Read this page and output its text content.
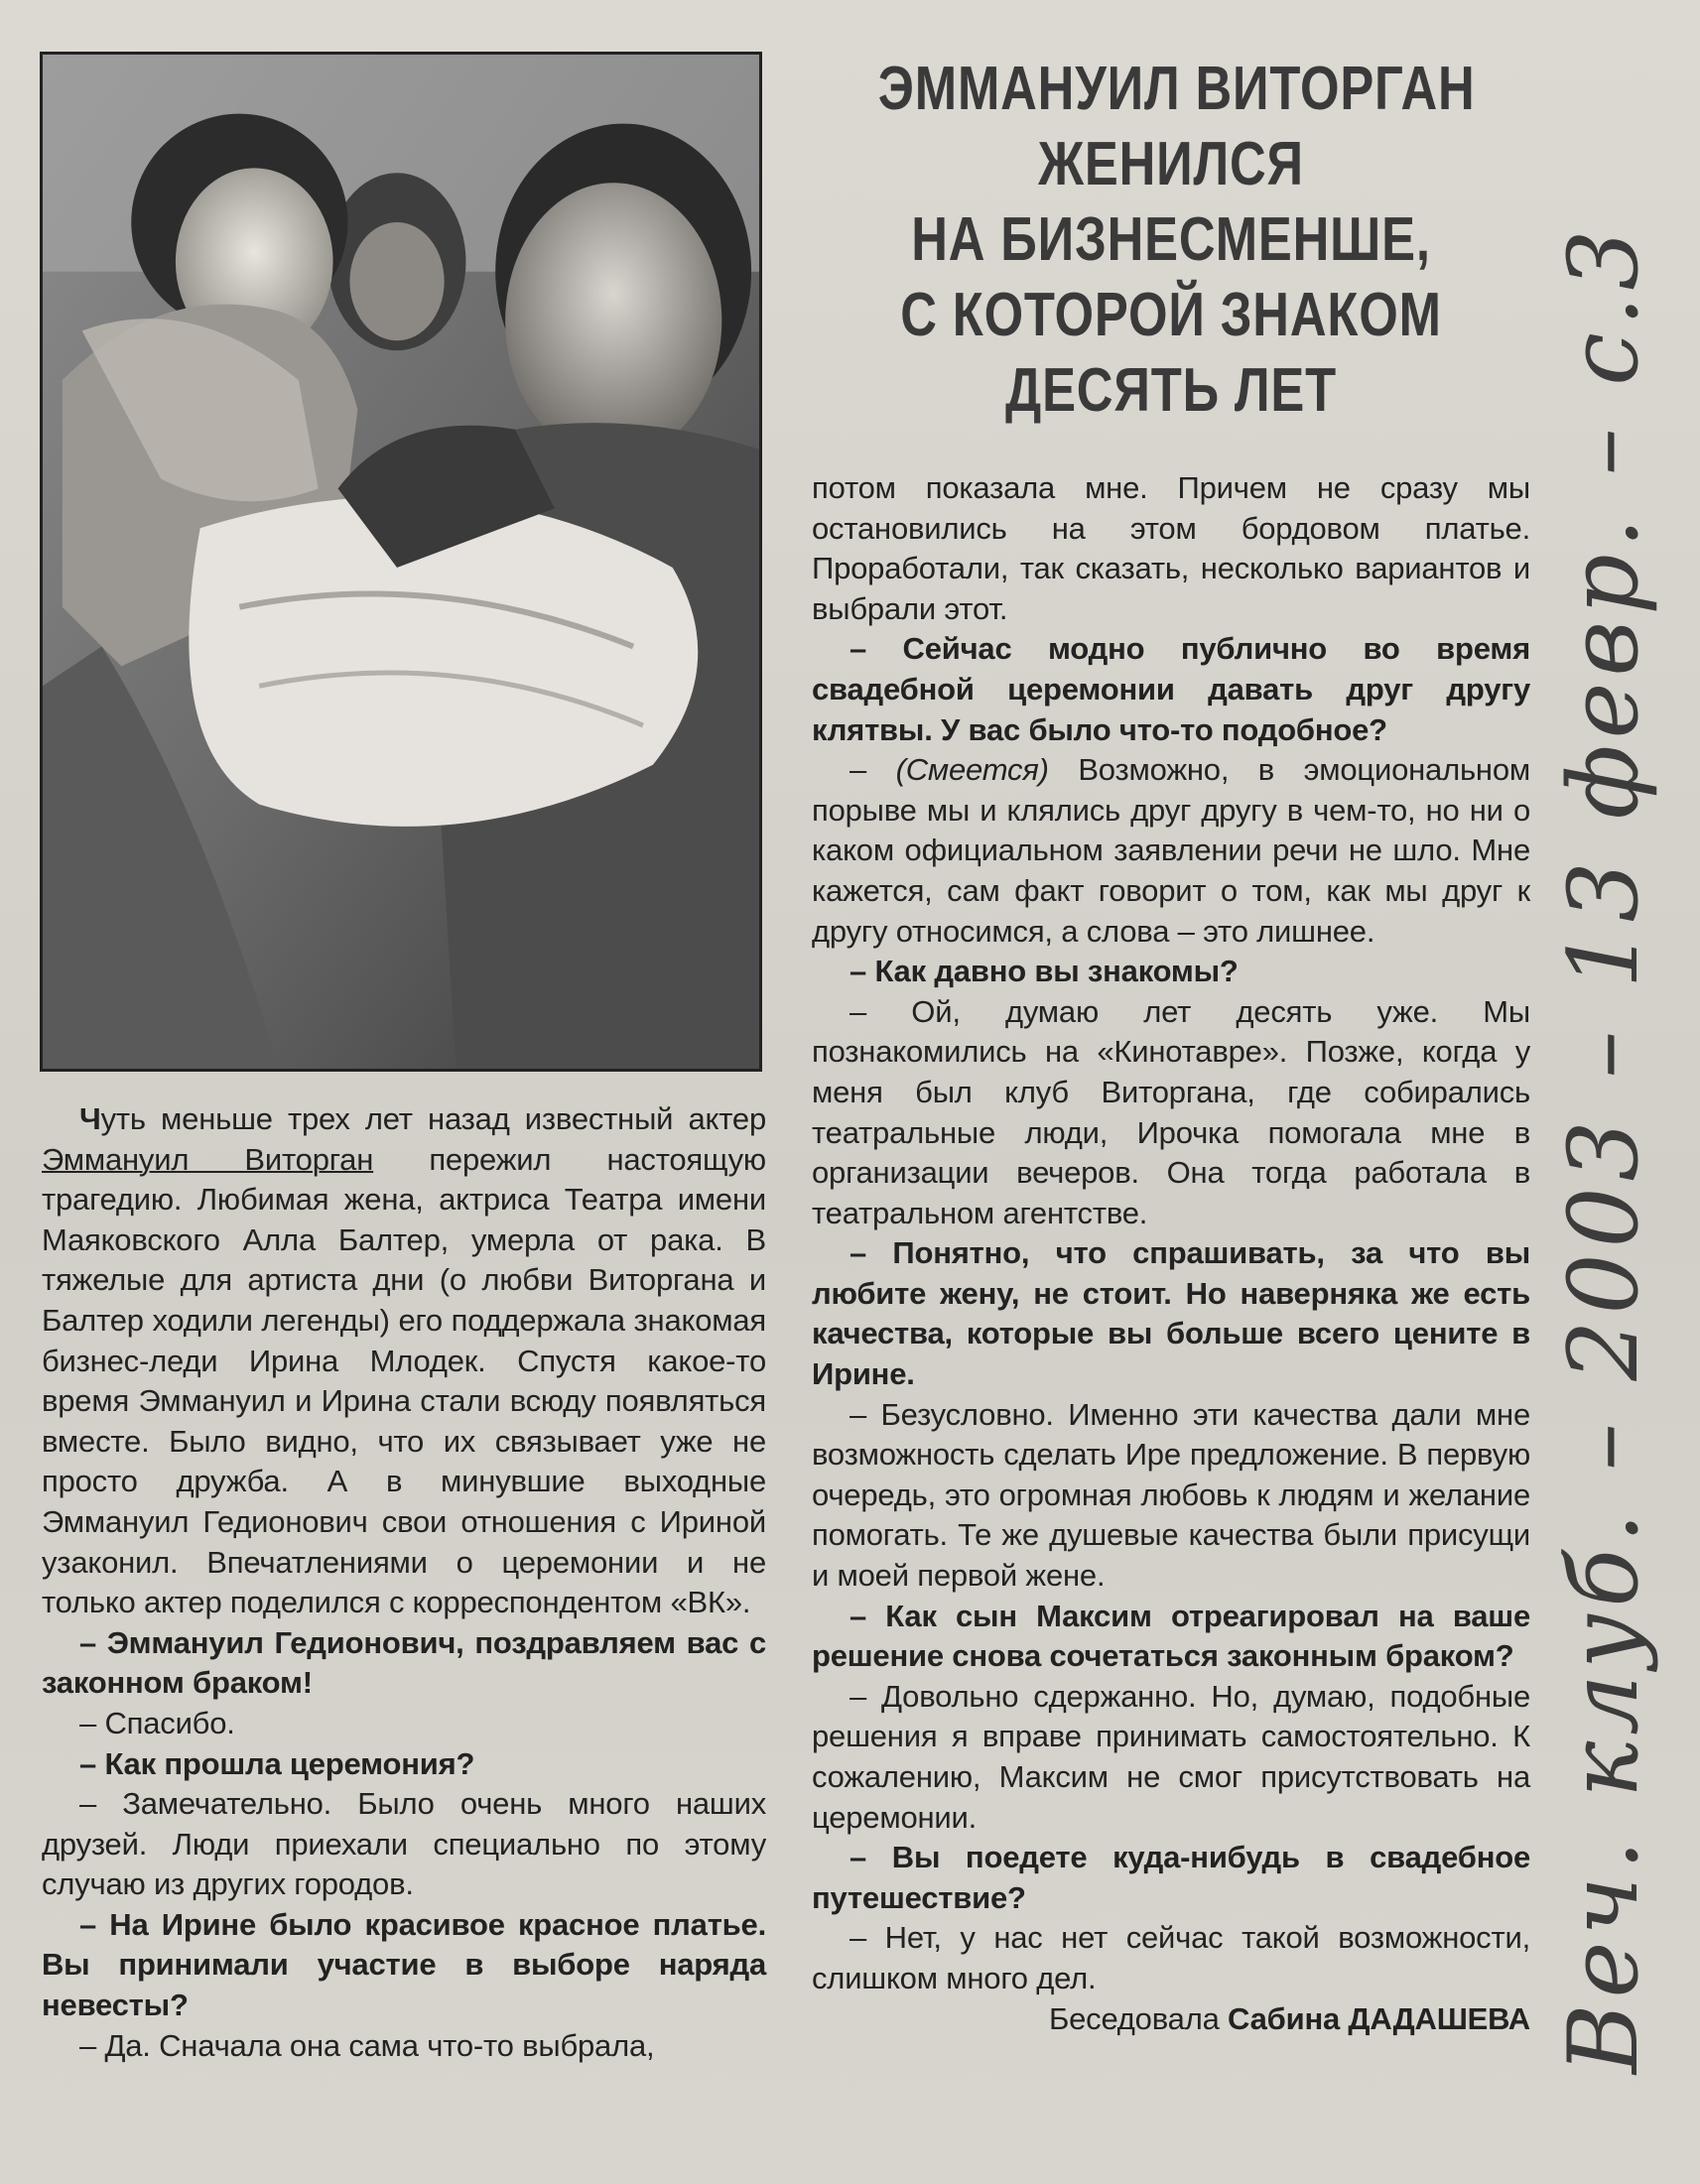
ЭММАНУИЛ ВИТОРГАН
ЖЕНИЛСЯ
НА БИЗНЕСМЕНШЕ,
С КОТОРОЙ ЗНАКОМ
ДЕСЯТЬ ЛЕТ

Чуть меньше трех лет назад известный актер Эммануил Виторган пережил настоящую трагедию. Любимая жена, актриса Театра имени Маяковского Алла Балтер, умерла от рака. В тяжелые для артиста дни (о любви Виторгана и Балтер ходили легенды) его поддержала знакомая бизнес-леди Ирина Млодек. Спустя какое-то время Эммануил и Ирина стали всюду появляться вместе. Было видно, что их связывает уже не просто дружба. А в минувшие выходные Эммануил Гедионович свои отношения с Ириной узаконил. Впечатлениями о церемонии и не только актер поделился с корреспондентом «ВК».

– Эммануил Гедионович, поздравляем вас с законном браком!

– Спасибо.

– Как прошла церемония?

– Замечательно. Было очень много наших друзей. Люди приехали специально по этому случаю из других городов.

– На Ирине было красивое красное платье. Вы принимали участие в выборе наряда невесты?

– Да. Сначала она сама что-то выбрала,

потом показала мне. Причем не сразу мы остановились на этом бордовом платье. Проработали, так сказать, несколько вариантов и выбрали этот.

– Сейчас модно публично во время свадебной церемонии давать друг другу клятвы. У вас было что-то подобное?

– (Смеется) Возможно, в эмоциональном порыве мы и клялись друг другу в чем-то, но ни о каком официальном заявлении речи не шло. Мне кажется, сам факт говорит о том, как мы друг к другу относимся, а слова – это лишнее.

– Как давно вы знакомы?

– Ой, думаю лет десять уже. Мы познакомились на «Кинотавре». Позже, когда у меня был клуб Виторгана, где собирались театральные люди, Ирочка помогала мне в организации вечеров. Она тогда работала в театральном агентстве.

– Понятно, что спрашивать, за что вы любите жену, не стоит. Но наверняка же есть качества, которые вы больше всего цените в Ирине.

– Безусловно. Именно эти качества дали мне возможность сделать Ире предложение. В первую очередь, это огромная любовь к людям и желание помогать. Те же душевые качества были присущи и моей первой жене.

– Как сын Максим отреагировал на ваше решение снова сочетаться законным браком?

– Довольно сдержанно. Но, думаю, подобные решения я вправе принимать самостоятельно. К сожалению, Максим не смог присутствовать на церемонии.

– Вы поедете куда-нибудь в свадебное путешествие?

– Нет, у нас нет сейчас такой возможности, слишком много дел.

Беседовала Сабина ДАДАШЕВА Веч. клуб. – 2003 – 13 февр. – с.3
